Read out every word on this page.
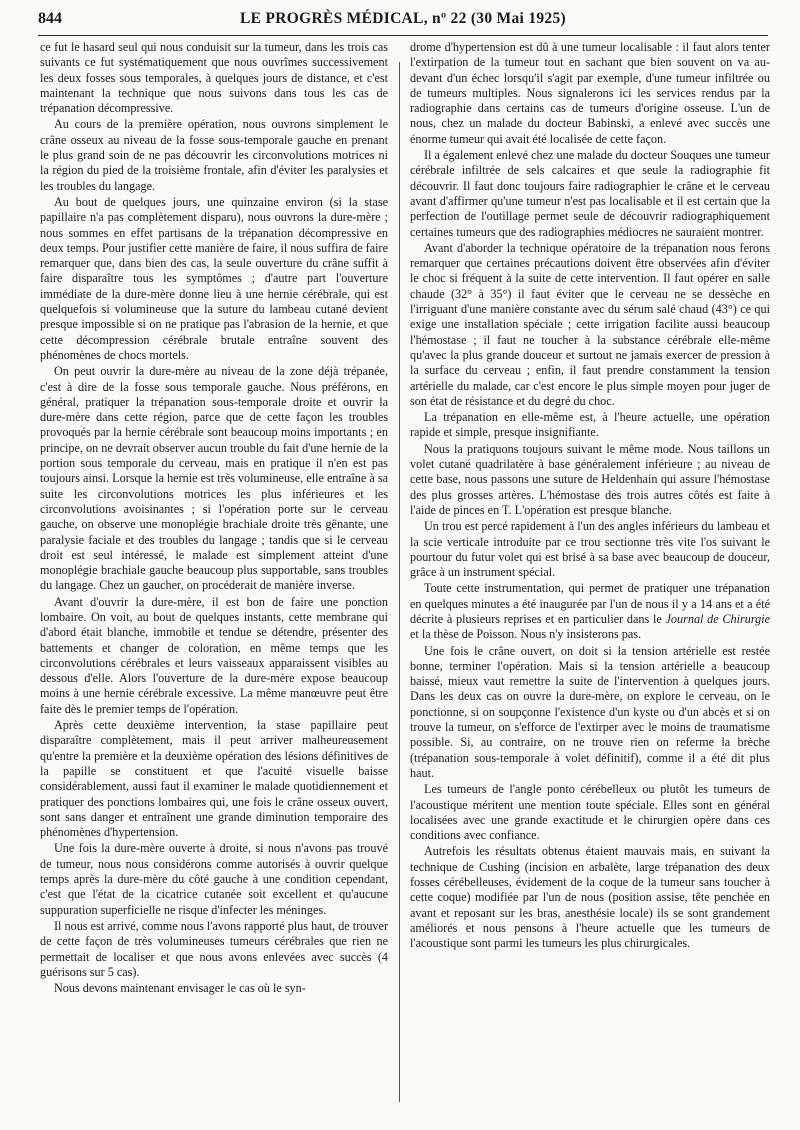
844	LE PROGRÈS MÉDICAL, nº 22 (30 Mai 1925)

ce fut le hasard seul qui nous conduisit sur la tumeur, dans les trois cas suivants ce fut systématiquement que nous ouvrîmes successivement les deux fosses sous temporales, à quelques jours de distance, et c'est maintenant la technique que nous suivons dans tous les cas de trépanation décompressive.

Au cours de la première opération, nous ouvrons simplement le crâne osseux au niveau de la fosse sous-temporale gauche en prenant le plus grand soin de ne pas découvrir les circonvolutions motrices ni la région du pied de la troisième frontale, afin d'éviter les paralysies et les troubles du langage.

Au bout de quelques jours, une quinzaine environ (si la stase papillaire n'a pas complètement disparu), nous ouvrons la dure-mère ; nous sommes en effet partisans de la trépanation décompressive en deux temps. Pour justifier cette manière de faire, il nous suffira de faire remarquer que, dans bien des cas, la seule ouverture du crâne suffit à faire disparaître tous les symptômes ; d'autre part l'ouverture immédiate de la dure-mère donne lieu à une hernie cérébrale, qui est quelquefois si volumineuse que la suture du lambeau cutané devient presque impossible si on ne pratique pas l'abrasion de la hernie, et que cette décompression cérébrale brutale entraîne souvent des phénomènes de chocs mortels.

On peut ouvrir la dure-mère au niveau de la zone déjà trépanée, c'est à dire de la fosse sous temporale gauche. Nous préférons, en général, pratiquer la trépanation sous-temporale droite et ouvrir la dure-mère dans cette région, parce que de cette façon les troubles provoqués par la hernie cérébrale sont beaucoup moins importants ; en principe, on ne devrait observer aucun trouble du fait d'une hernie de la portion sous temporale du cerveau, mais en pratique il n'en est pas toujours ainsi. Lorsque la hernie est très volumineuse, elle entraîne à sa suite les circonvolutions motrices les plus inférieures et les circonvolutions avoisinantes ; si l'opération porte sur le cerveau gauche, on observe une monoplégie brachiale droite très gênante, une paralysie faciale et des troubles du langage ; tandis que si le cerveau droit est seul intéressé, le malade est simplement atteint d'une monoplégie brachiale gauche beaucoup plus supportable, sans troubles du langage. Chez un gaucher, on procéderait de manière inverse.

Avant d'ouvrir la dure-mère, il est bon de faire une ponction lombaire. On voit, au bout de quelques instants, cette membrane qui d'abord était blanche, immobile et tendue se détendre, présenter des battements et changer de coloration, en même temps que les circonvolutions cérébrales et leurs vaisseaux apparaissent visibles au dessous d'elle. Alors l'ouverture de la dure-mère expose beaucoup moins à une hernie cérébrale excessive. La même manœuvre peut être faite dès le premier temps de l'opération.

Après cette deuxième intervention, la stase papillaire peut disparaître complètement, mais il peut arriver malheureusement qu'entre la première et la deuxième opération des lésions définitives de la papille se constituent et que l'acuité visuelle baisse considérablement, aussi faut il examiner le malade quotidiennement et pratiquer des ponctions lombaires qui, une fois le crâne osseux ouvert, sont sans danger et entraînent une grande diminution temporaire des phénomènes d'hypertension.

Une fois la dure-mère ouverte à droite, si nous n'avons pas trouvé de tumeur, nous nous considérons comme autorisés à ouvrir quelque temps après la dure-mère du côté gauche à une condition cependant, c'est que l'état de la cicatrice cutanée soit excellent et qu'aucune suppuration superficielle ne risque d'infecter les méninges.

Il nous est arrivé, comme nous l'avons rapporté plus haut, de trouver de cette façon de très volumineuses tumeurs cérébrales que rien ne permettait de localiser et que nous avons enlevées avec succès (4 guérisons sur 5 cas).

Nous devons maintenant envisager le cas où le syn-

drome d'hypertension est dû à une tumeur localisable : il faut alors tenter l'extirpation de la tumeur tout en sachant que bien souvent on va au-devant d'un échec lorsqu'il s'agit par exemple, d'une tumeur infiltrée ou de tumeurs multiples. Nous signalerons ici les services rendus par la radiographie dans certains cas de tumeurs d'origine osseuse. L'un de nous, chez un malade du docteur Babinski, a enlevé avec succès une énorme tumeur qui avait été localisée de cette façon.

Il a également enlevé chez une malade du docteur Souques une tumeur cérébrale infiltrée de sels calcaires et que seule la radiographie fit découvrir. Il faut donc toujours faire radiographier le crâne et le cerveau avant d'affirmer qu'une tumeur n'est pas localisable et il est certain que la perfection de l'outillage permet seule de découvrir radiographiquement certaines tumeurs que des radiographies médiocres ne sauraient montrer.

Avant d'aborder la technique opératoire de la trépanation nous ferons remarquer que certaines précautions doivent être observées afin d'éviter le choc si fréquent à la suite de cette intervention. Il faut opérer en salle chaude (32° à 35°) il faut éviter que le cerveau ne se dessèche en l'irriguant d'une manière constante avec du sérum salé chaud (43°) ce qui exige une installation spéciale ; cette irrigation facilite aussi beaucoup l'hémostase ; il faut ne toucher à la substance cérébrale elle-même qu'avec la plus grande douceur et surtout ne jamais exercer de pression à la surface du cerveau ; enfin, il faut prendre constamment la tension artérielle du malade, car c'est encore le plus simple moyen pour juger de son état de résistance et du degré du choc.

La trépanation en elle-même est, à l'heure actuelle, une opération rapide et simple, presque insignifiante.

Nous la pratiquons toujours suivant le même mode. Nous taillons un volet cutané quadrilatère à base généralement inférieure ; au niveau de cette base, nous passons une suture de Heldenhain qui assure l'hémostase des plus grosses artères. L'hémostase des trois autres côtés est faite à l'aide de pinces en T. L'opération est presque blanche.

Un trou est percé rapidement à l'un des angles inférieurs du lambeau et la scie verticale introduite par ce trou sectionne très vite l'os suivant le pourtour du futur volet qui est brisé à sa base avec beaucoup de douceur, grâce à un instrument spécial.

Toute cette instrumentation, qui permet de pratiquer une trépanation en quelques minutes a été inaugurée par l'un de nous il y a 14 ans et a été décrite à plusieurs reprises et en particulier dans le Journal de Chirurgie et la thèse de Poisson. Nous n'y insisterons pas.

Une fois le crâne ouvert, on doit si la tension artérielle est restée bonne, terminer l'opération. Mais si la tension artérielle a beaucoup baissé, mieux vaut remettre la suite de l'intervention à quelques jours. Dans les deux cas on ouvre la dure-mère, on explore le cerveau, on le ponctionne, si on soupçonne l'existence d'un kyste ou d'un abcès et si on trouve la tumeur, on s'efforce de l'extirper avec le moins de traumatisme possible. Si, au contraire, on ne trouve rien on referme la brèche (trépanation sous-temporale à volet définitif), comme il a été dit plus haut.

Les tumeurs de l'angle ponto cérébelleux ou plutôt les tumeurs de l'acoustique méritent une mention toute spéciale. Elles sont en général localisées avec une grande exactitude et le chirurgien opère dans ces conditions avec confiance.

Autrefois les résultats obtenus étaient mauvais mais, en suivant la technique de Cushing (incision en arbalète, large trépanation des deux fosses cérébelleuses, évidement de la coque de la tumeur sans toucher à cette coque) modifiée par l'un de nous (position assise, tête penchée en avant et reposant sur les bras, anesthésie locale) ils se sont grandement améliorés et nous pensons à l'heure actuelle que les tumeurs de l'acoustique sont parmi les tumeurs les plus chirurgicales.
